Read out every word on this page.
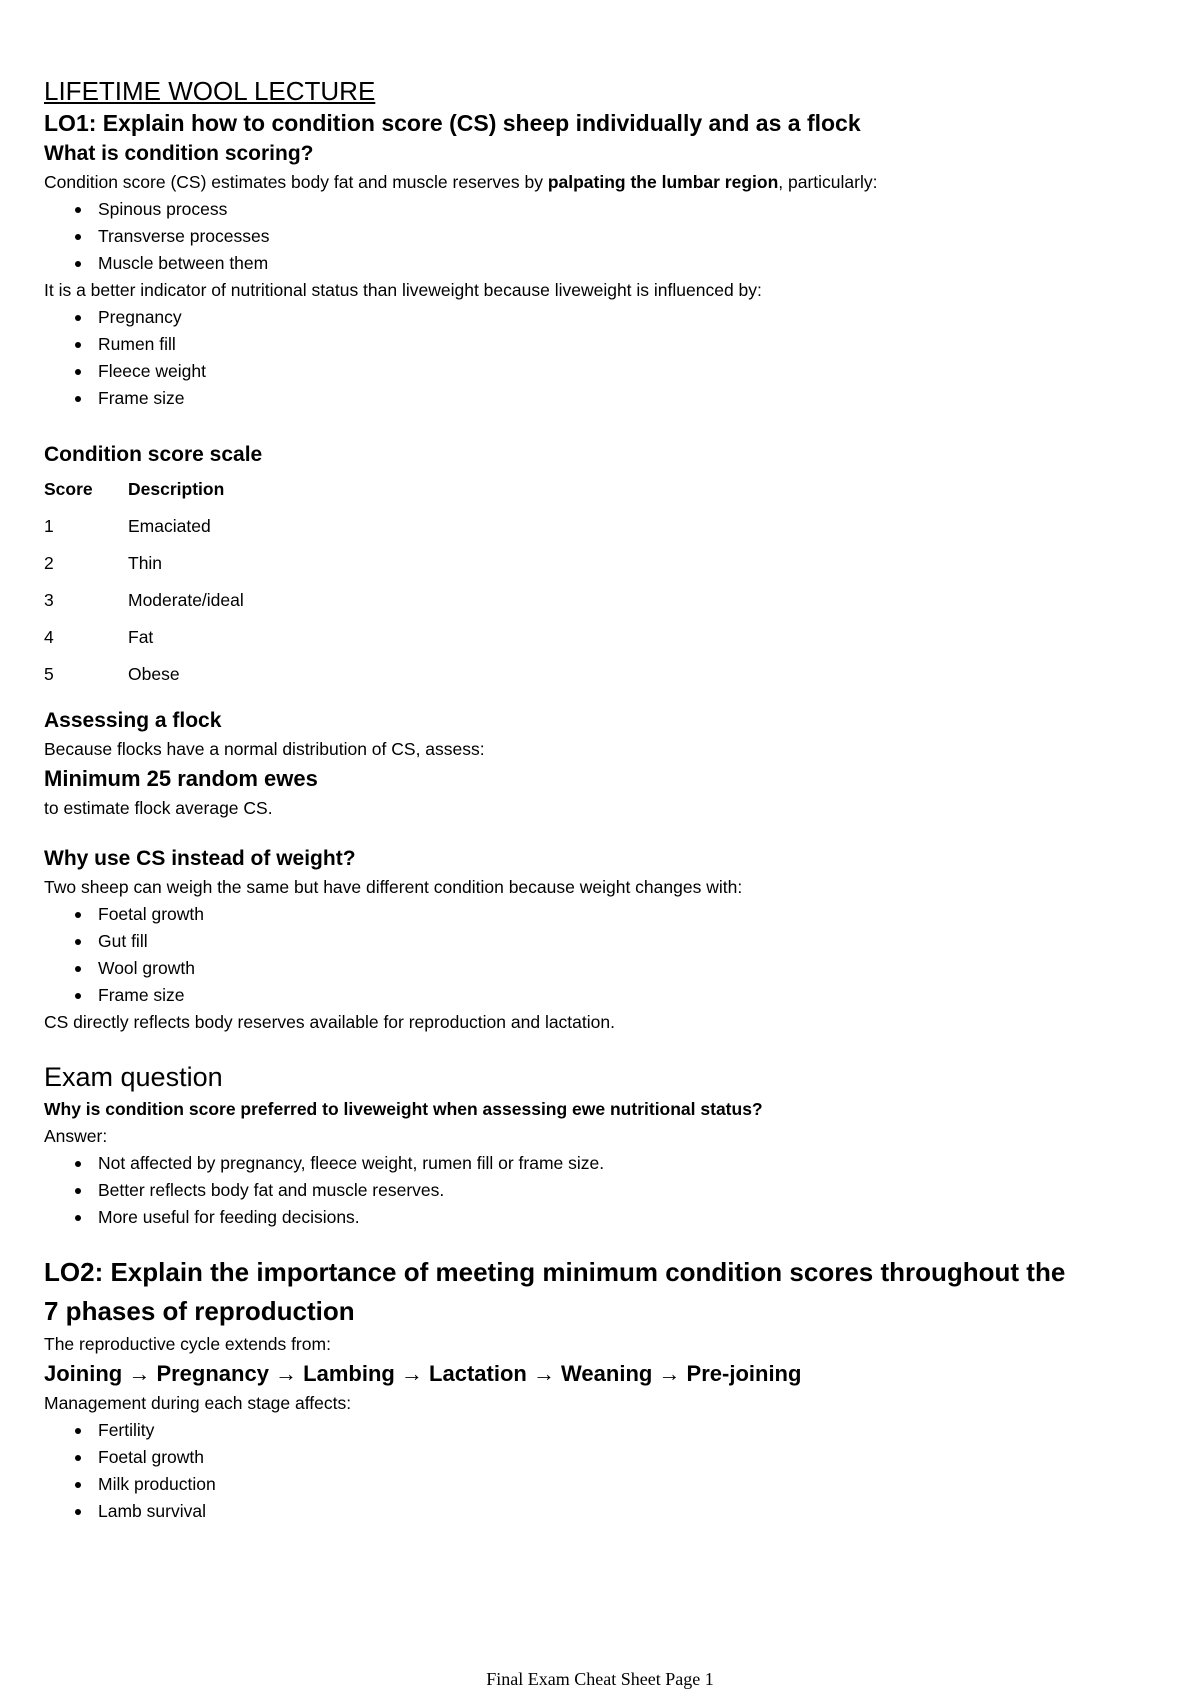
LIFETIME WOOL LECTURE
LO1: Explain how to condition score (CS) sheep individually and as a flock
What is condition scoring?

Condition score (CS) estimates body fat and muscle reserves by palpating the lumbar region, particularly:

Spinous process
Transverse processes
Muscle between them

It is a better indicator of nutritional status than liveweight because liveweight is influenced by:

Pregnancy
Rumen fill
Fleece weight
Frame size
Condition score scale
Score	Description
1	Emaciated
2	Thin
3	Moderate/ideal
4	Fat
5	Obese
Assessing a flock

Because flocks have a normal distribution of CS, assess:

Minimum 25 random ewes

to estimate flock average CS.

Why use CS instead of weight?

Two sheep can weigh the same but have different condition because weight changes with:

Foetal growth
Gut fill
Wool growth
Frame size

CS directly reflects body reserves available for reproduction and lactation.

Exam question

Why is condition score preferred to liveweight when assessing ewe nutritional status?

Answer:

Not affected by pregnancy, fleece weight, rumen fill or frame size.
Better reflects body fat and muscle reserves.
More useful for feeding decisions.
LO2: Explain the importance of meeting minimum condition scores throughout the
7 phases of reproduction

The reproductive cycle extends from:

Joining → Pregnancy → Lambing → Lactation → Weaning → Pre-joining

Management during each stage affects:

Fertility
Foetal growth
Milk production
Lamb survival
Final Exam Cheat Sheet Page 1
